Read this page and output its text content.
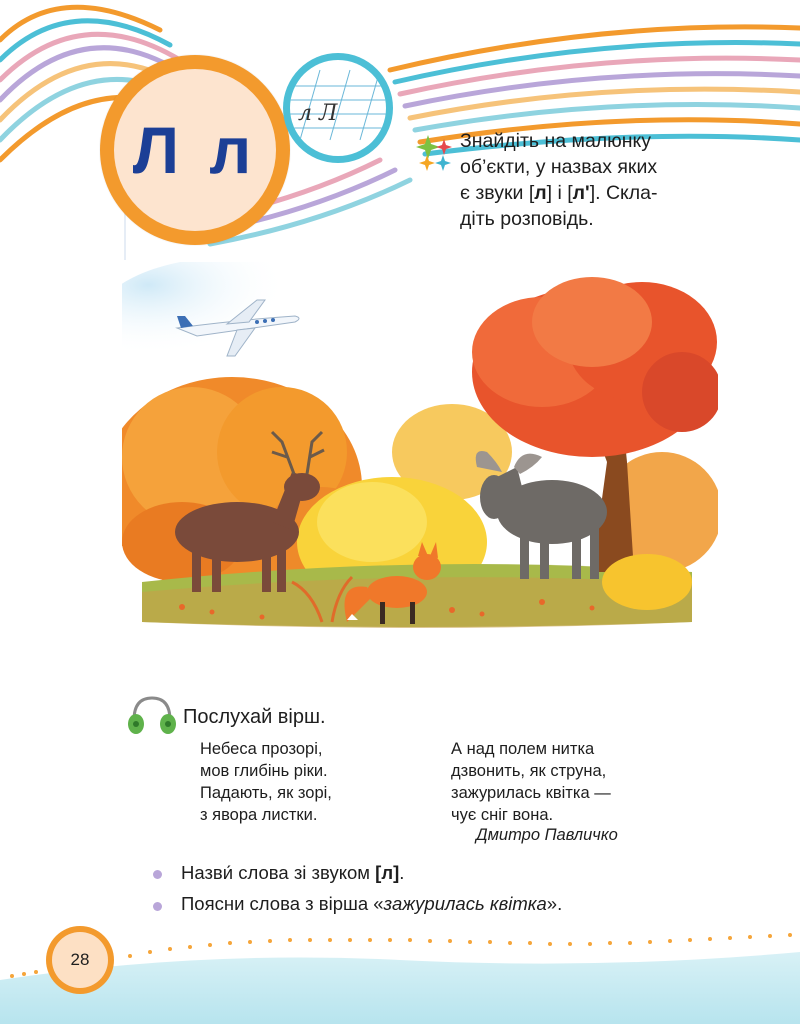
Л л л Л
Знайдіть на малюнку
об’єкти, у назвах яких
є звуки [л] і [л']. Скла-
діть розповідь.
Послухай вірш.
Небеса прозорі,
мов глибінь ріки.
Падають, як зорі,
з явора листки.
А над полем нитка
дзвонить, як струна,
зажурилась квітка —
чує сніг вона.
Дмитро Павличко
Назви́ слова зі звуком [л].
Поясни слова з вірша «зажурилась квітка».
28
